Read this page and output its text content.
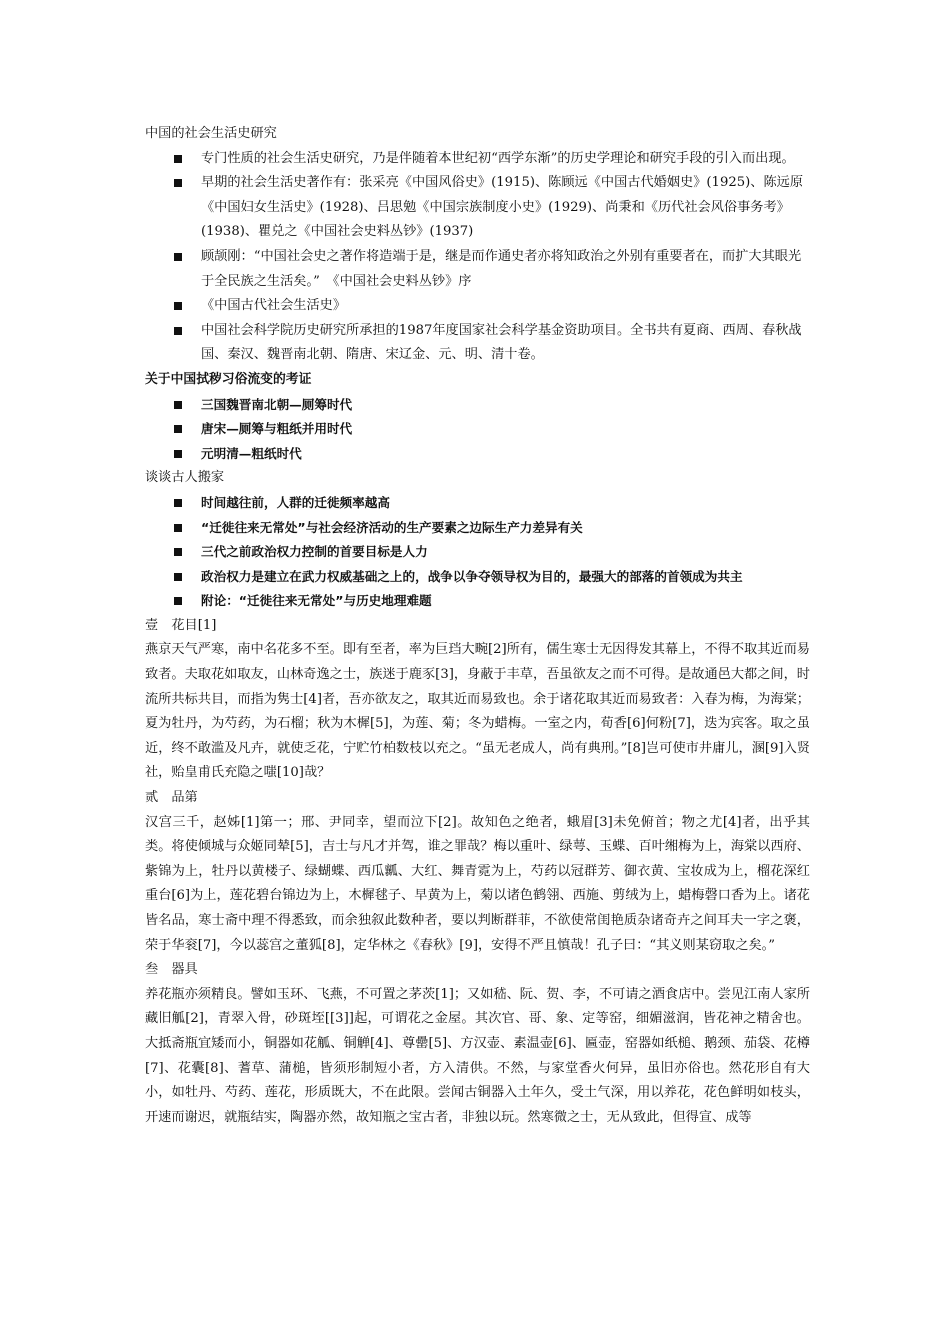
中国的社会生活史研究

专门性质的社会生活史研究，乃是伴随着本世纪初“西学东渐”的历史学理论和研究手段的引入而出现。
早期的社会生活史著作有：张采亮《中国风俗史》(1915)、陈顾远《中国古代婚姻史》(1925)、陈远原《中国妇女生活史》(1928)、吕思勉《中国宗族制度小史》(1929)、尚秉和《历代社会风俗事务考》(1938)、瞿兑之《中国社会史料丛钞》(1937)
顾颉刚：“中国社会史之著作将造端于是，继是而作通史者亦将知政治之外别有重要者在，而扩大其眼光于全民族之生活矣。”　《中国社会史料丛钞》序
《中国古代社会生活史》
中国社会科学院历史研究所承担的1987年度国家社会科学基金资助项目。全书共有夏商、西周、春秋战国、秦汉、魏晋南北朝、隋唐、宋辽金、元、明、清十卷。

关于中国拭秽习俗流变的考证

三国魏晋南北朝—厕筹时代
唐宋—厕筹与粗纸并用时代
元明清—粗纸时代

谈谈古人搬家

时间越往前，人群的迁徙频率越高
“迁徙往来无常处”与社会经济活动的生产要素之边际生产力差异有关
三代之前政治权力控制的首要目标是人力
政治权力是建立在武力权威基础之上的，战争以争夺领导权为目的，最强大的部落的首领成为共主
附论：“迁徙往来无常处”与历史地理难题

壹　花目[1]

燕京天气严寒，南中名花多不至。即有至者，率为巨珰大畹[2]所有，儒生寒士无因得发其幕上，不得不取其近而易致者。夫取花如取友，山林奇逸之士，族迷于鹿豕[3]，身蔽于丰草，吾虽欲友之而不可得。是故通邑大都之间，时流所共标共目，而指为隽士[4]者，吾亦欲友之，取其近而易致也。余于诸花取其近而易致者：入春为梅，为海棠；夏为牡丹，为芍药，为石榴；秋为木樨[5]，为莲、菊；冬为蜡梅。一室之内，荀香[6]何粉[7]，迭为宾客。取之虽近，终不敢滥及凡卉，就使乏花，宁贮竹柏数枝以充之。“虽无老成人，尚有典刑。”[8]岂可使市井庸儿，溷[9]入贤社，贻皇甫氏充隐之嗤[10]哉？

贰　品第

汉宫三千，赵姊[1]第一；邢、尹同幸，望而泣下[2]。故知色之绝者，蛾眉[3]未免俯首；物之尤[4]者，出乎其类。将使倾城与众姬同辇[5]，吉士与凡才并驾，谁之罪哉？梅以重叶、绿萼、玉蝶、百叶缃梅为上，海棠以西府、紫锦为上，牡丹以黄楼子、绿蝴蝶、西瓜瓤、大红、舞青霓为上，芍药以冠群芳、御衣黄、宝妆成为上，榴花深红重台[6]为上，莲花碧台锦边为上，木樨毬子、早黄为上，菊以诸色鹤翎、西施、剪绒为上，蜡梅磬口香为上。诸花皆名品，寒士斋中理不得悉致，而余独叙此数种者，要以判断群菲，不欲使常闺艳质杂诸奇卉之间耳夫一字之褒，荣于华衮[7]，今以蕊宫之董狐[8]，定华林之《春秋》[9]，安得不严且慎哉！孔子曰：“其义则某窃取之矣。”

叁　器具

养花瓶亦须精良。譬如玉环、飞燕，不可置之茅茨[1]；又如嵇、阮、贺、李，不可请之酒食店中。尝见江南人家所藏旧觚[2]，青翠入骨，砂斑垤[[3]]起，可谓花之金屋。其次官、哥、象、定等窑，细媚滋润，皆花神之精舍也。大抵斋瓶宜矮而小，铜器如花觚、铜觯[4]、尊罍[5]、方汉壶、素温壶[6]、匾壶，窑器如纸槌、鹅颈、茄袋、花樽[7]、花囊[8]、蓍草、蒲槌，皆须形制短小者，方入清供。不然，与家堂香火何异，虽旧亦俗也。然花形自有大小，如牡丹、芍药、莲花，形质既大，不在此限。尝闻古铜器入土年久，受土气深，用以养花，花色鲜明如枝头，开速而谢迟，就瓶结实，陶器亦然，故知瓶之宝古者，非独以玩。然寒微之士，无从致此，但得宣、成等
